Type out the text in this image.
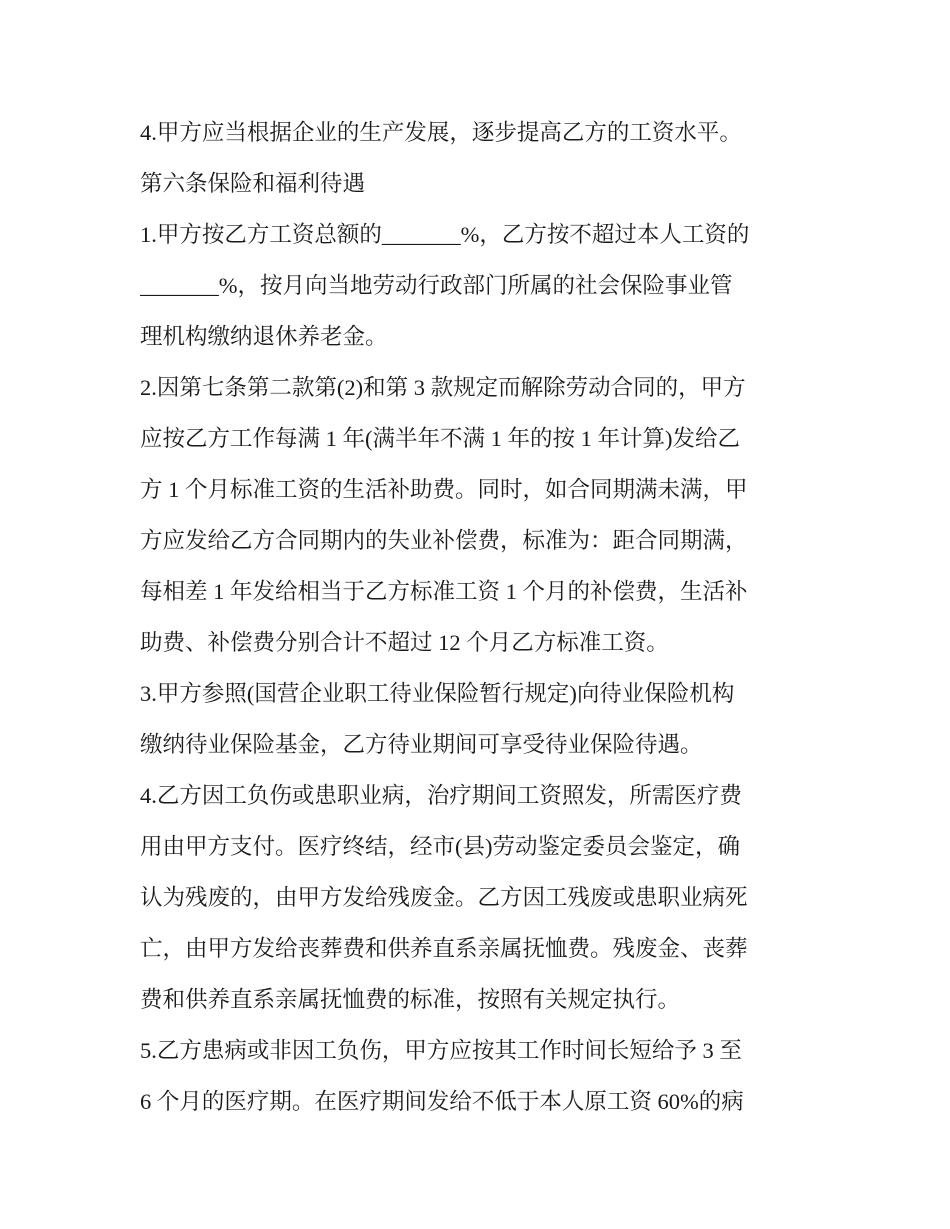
4.甲方应当根据企业的生产发展，逐步提高乙方的工资水平。
第六条保险和福利待遇
1.甲方按乙方工资总额的_______%，乙方按不超过本人工资的
_______%，按月向当地劳动行政部门所属的社会保险事业管
理机构缴纳退休养老金。
2.因第七条第二款第(2)和第 3 款规定而解除劳动合同的，甲方
应按乙方工作每满 1 年(满半年不满 1 年的按 1 年计算)发给乙
方 1 个月标准工资的生活补助费。同时，如合同期满未满，甲
方应发给乙方合同期内的失业补偿费，标准为：距合同期满，
每相差 1 年发给相当于乙方标准工资 1 个月的补偿费，生活补
助费、补偿费分别合计不超过 12 个月乙方标准工资。
3.甲方参照(国营企业职工待业保险暂行规定)向待业保险机构
缴纳待业保险基金，乙方待业期间可享受待业保险待遇。
4.乙方因工负伤或患职业病，治疗期间工资照发，所需医疗费
用由甲方支付。医疗终结，经市(县)劳动鉴定委员会鉴定，确
认为残废的，由甲方发给残废金。乙方因工残废或患职业病死
亡，由甲方发给丧葬费和供养直系亲属抚恤费。残废金、丧葬
费和供养直系亲属抚恤费的标准，按照有关规定执行。
5.乙方患病或非因工负伤，甲方应按其工作时间长短给予 3 至
6 个月的医疗期。在医疗期间发给不低于本人原工资 60%的病
